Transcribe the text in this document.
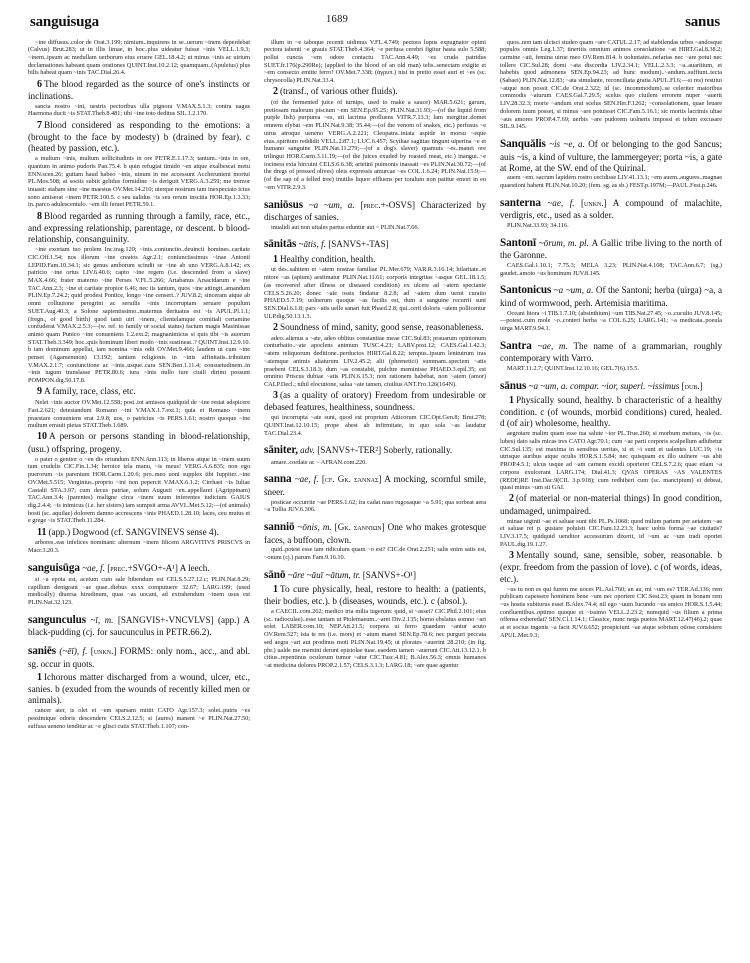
sanguisuga	1689	sanus

~ine diffusus..color de Orat.3.199; nimium..inquirens in se..uerum ~inem deperdebat (Calvus) Brut.283; ut in illis limae, in hoc..plus uideatur fuisse ~inis VELL.1.9.3; ~inem..ipsum ac medullam uerborum eius eruere GEL.18.4.2; ut minus ~inis ac uirium declamationes habeant quam orationes QUINT.Inst.10.2.12; quamquam..(Apuleius) plus bilis habeat quam ~inis TAC.Dial.26.4.

6 The blood regarded as the source of one's instincts or inclinations.

sancta nostro ~ini, uestris pectoribus ulla pignora V.MAX.5.1.3; contra uagus Haemona ducit ~is STAT.Theb.8.481; tibi ~ine toto deditus SIL.1.2.170.

7 Blood considered as responding to the emotions: a (brought to the face by modesty) b (drained by fear). c (heated by passion, etc.).

a multum ~inis, multum sollicitudinis in ore PETR.E.1.17.3; tantum..~inis in ore, quantum in animo pudoris Pan.75.4. b quin refugiat timido ~en atque exalbescat metu ENN.scen.26; guttam haud habeo ~inis, uinum in me accessunt Accherunteni mortui PL.Mos.508; at sociis subiit gelidus formidine ~is deriguit VERG.A.3.259; me tremor inuasit: stabam sine ~ine maestus OV.Met.14.210; uterque nostrum tam inexpectato ictus sono amiserat ~inem PETR.100.5. c seu ualidus ~is seu rerum inscitia HOR.Ep.1.3.33; in..parco adulescentulo. ~em illi feruet PETR.59.1.

8 Blood regarded as running through a family, race, etc., and expressing relationship, parentage, or descent. b blood-relationship, consanguinity.

~ine exortam tuo prolem Inc.trag.120; ~inis..coniunctio..deuincit homines..caritate CIC.Off.1.54; nos illorum ~ine creatos Agr.2.1; coniunctissimus ~inae Antonii LEPID.Fam.10.34.1; sic genus amborum scindit se ~ine ab uno VERG.A.8.142; ex patricio ~ine ortus LIV.6.40.6; capto ~ine regem (i.e. descended from a slave) MAX.4.66; frater materno ~ine Perses V.FL.5.266; Artabanus Arsacidarum e ~ine TAC.Ann.2.3; ~ine et caritate propior 6.46; nec iis tantum, quos ~ine attingit..amandum PLIN.Ep.7.24.2; quid prodest Pontice, longo ~ine censeri..? JUV.8.2; sinceram atque ab omni colluuione peregrini ac seruilis ~inis incorruptam seruare populum SUET.Aug.40.3; a Solone sapientissimo..maternus deriuatus est ~is APUL.Pl.1.1; (fregn., of good birth) quod tanti uiri ~inem, clientelamque comitiali certamine confuderat V.MAX.2.5.3;—(w. ref. to family or social status) factum magis Masinissae animo quam Punico ~ine conueniens 1.2.ext.2; magnanimicus si quis tibi ~is auorum STAT.Theb.3.349; hoc..quis hominum liberi modo ~inis sustineat..? QUINT.Inst.12.9.10. b iam dominum appellat, iam nomina ~inis odit OV.Met.9.466; laudem ut cum ~ine penset (Agamemnon) 13.192; tantum religionis in ~inis affinitatis..tributum V.MAX.2.1.7; coniunctione ac ~inis..usque..cara SEN.Ben.1.11.4; consuetudinem..in ~inis iugum translasse PETR.80.6; iura ~inis nullo iure ciuili dirimi possunt POMPON.dig.50.17.8.

9 A family, race, class, etc.

Nelei ~inis auctor OV.Met.12.558; post..tot amissos quidquid de ~ine restat adspicere Fast.2.621; detestandum Romano ~ini V.MAX.1.7.ext.1; quia et Romano ~inem praestare conueniens erat 2.9.8; uos, o patricius ~is PERS.1.61; nostro quoque ~ine multum errauit pietas STAT.Theb.1.689.

10 A person or persons standing in blood-relationship, (usu.) offspring, progeny.

o pater o genitor o ~en dis oriundum ENN.Ann.113; in liberos atque in ~inem suum tam crudelis CIC.Fin.1.34; heroice tela manu, ~is meus! VERG.A.6.835; non ego puerorum ~is parentum HOR.Carm.1.20.6; pro..meo uoni supplex tibi Iuppiter..~ine OV.Met.5.515; Verginius..proprio ~ini non pepercit V.MAX.6.1.2; Cirrhaei ~is Iuliae Castalii STA.3.97; cum decus patriae, solum Augusti ~en..appellaret (Agrippinam) TAC.Ann.3.4; (parentes) maligne circa ~inem suum inferentes iudicium GAIUS dig.2.4.4; ~is inimicus (i.e. her sisters) iam sumpsit arma AVVL.Met.5.12;—(of animals) hosti (sc. aquilae) dolorem damno accrescens ~inis PHAED.1.28.10; laces, ceu mutus et e grege ~is STAT.Theb.11.284.

11 (app.) Dogwood (cf. SANGVINEVS sense 4).

arbores..eas infelices nominant: alternum ~inem filicem ARGVITIVS PRISCVS in Macr.3.20.3.

sanguisūga ~ae, f. [prec.+SVGO+-A¹] A leech.

si ~a epota est, acetum cum sale bibendum est CELS.5.27.12.c; PLIN.Nat.8.29; capillum denigrant ~ae quae..diebus xxxx computuere 32.67; LARG.199; (used medically) diuersa hirudinum, quas ~as uocant, ad extrahendum ~inem usus est PLIN.Nat.32.123.

sangunculus ~ī, m. [SANGVIS+-VNCVLVS] (app.) A black-pudding (cj. for saucunculus in PETR.66.2).

saniēs (~ēī), f. [unkn.] FORMS: only nom., acc., and abl. sg. occur in quots.

1 Ichorous matter discharged from a wound, ulcer, etc., sanies. b (exuded from the wounds of recently killed men or animals).

cancer ater, is olet et ~em sparsam mittit CATO Agr.157.3; solet..putris ~es pessimique odoris descendere CELS.2.12.5; si (aures) manent ~e PLIN.Nat.27.50; suffusa ueneno tenditur ac ~e glisci cutis STAT.Theb.1.107; con-

illum in ~e taboque recenti uidimus V.FL.4.749; pectora lupus expugnator opimi pectora tabenti ~e grauis STAT.Theb.4.364; ~e perfusa cerebri figitur hasta sulo 5.588; pollui cuncta ~em odore contactu TAC.Ann.4.49; ~es cruda patridus SUET.fr.176(p.290Re); (applied to the blood of an old man) telis..senectam exigite et ~em consecto emitte ferro! OV.Met.7.338; (ἀγρυπ.) nisi in pretio esset auri et ~es (sc. chrysocolla) PLIN.Nat.33.4.

2 (transf., of various other fluids).

(of the fermented juice of turnips, used to make a sauce) MAR.5.621; garum, pretiosam malorum piscium ~em SEN.Ep.95.25; PLIN.Nat.31.93;—(of the liquid from purple fish) purpurea ~es, uti lacrima profluens VITR.7.13.3; lam mergitur..domet omnem elybat ~em PLIN.Nat.9.38; 35.44;—(of the venom of snakes, etc.) perfusus ~e uirus atroque ueneno VERG.A.2.221; Cleopatra..iniata aspide in morsu ~eque eius..spiritum reddidit VELL.2.87.1; LUC.6.457; Scythae sagittas tingunt uiperina ~e et humano sanguine PLIN.Nat.11.279;—(of a dog's slaver) quamuis ~es..manet ore trilingui HOR.Carm.3.11.19;—(of the juices exuded by roasted meat, etc.) inangui..~e iocinera exta hircuini CELS.6.6.38; arietini puimonis inassati ~es PLIN.Nat.30.72;—(of the dregs of pressed olives) oleis expressis amurcae ~es COL.1.6.24; PLIN.Nat.15.9;—(of the sap of a felled tree) inutilis liquor effluens per toralum non patitur emori in eo ~em VITR.2.9.3.

saniōsus ~a ~um, a. [prec.+-OSVS] Characterized by discharges of sanies.

inualidi aut non uitales partus eduntur aut ~ PLIN.Nat.7.66.

sānitās ~ātis, f. [SANVS+-TAS]

1 Healthy condition, health.

ut des..sahitem et ~atem nostrae familiae PL.Mer.679; VAR.R.3.16.14; hilaritate..et nitore ~as (apium) aestimatur PLIN.Nat.11.61; corporis integritas ~asque GEL.18.1.5; (as recovered after illness or diseased condition) ex ulcere ad ~atem spectante CELS.5.26.20; donec ~ate ossis findatur 8.2.8; ad ~atem dum uenit curatio PHAED.5.7.19; uolnerum quoque ~as facilis est, dum a sanguine recurrit sunt SEN.Dial.6.1.8; pars ~atis uelle sanari fuit Phaed.2.8; qui..certi doloris ~atem pollicentur ULP.dig.50.13.1.3.

2 Soundness of mind, sanity, good sense, reasonableness.

adeo..alienus a ~ate, adeo oblitus constantiae meae CIC.Sul.83; prauarum opinionum conturbatio..~ate apoclens animum TUSC.4.23; LABV.post.12; CAES.Gal.1.42.3; ~atem reliquorum deditione..perductos HIRT.Gal.8.22; tempus..ipsum lenitutrum iras ~atemque animis aliaturum LIV.2.45.2; alii (phrenetici) summam..speciem ~atis praebent CELS.3.18.3; dum ~as constabit, pulchre meminisse PHAED.3.epil.35; est omnino Priscus dubiae ~atis PLIN.6.15.3; non rationem habebat, non ~atem (amor) CALP.Decl.; nihil elocutione, salua ~ate tamen, ciuilius ANT.Fro.126(164N).

3 (as a quality of oratory) Freedom from undesirable or debased features, healthiness, soundness.

qui incorrupta ~ate sunt, quod est proprium Atticorum CIC.Opt.Gen.8; Brut.278; QUINT.Inst.12.10.15; prope abest ab infirmitate, in quo sola ~as laudatur TAC.Dial.23.4.

sāniter, adv. [SANVS+-TER²] Soberly, rationally.

amare..cordate ac ~ AFRAN.com.220.

sanna ~ae, f. [cf. Gk. σάννας] A mocking, scornful smile, sneer.

posticae occurrite ~ae PERS.1.62; ira cadat naso rugosaque ~a 5.91; qua sorbeat aera ~a Tullia JUV.6.306.

sanniō ~ōnis, m. [Gk. σαννίων] One who makes grotesque faces, a buffoon, clown.

quid..potest esse tam ridiculum quam ~o est? CIC.de Orat.2.251; salis enim satis est, ~onum (cj.) parum Fam.9.16.10.

sānō ~āre ~āuī ~ātum, tr. [SANVS+-O¹]

1 To cure physically, heal, restore to health: a (patients, their bodies, etc.). b (diseases, wounds, etc.). c (absol.).

a CAECIL.com.262; medico tria milia iugerum: quid, si ~asset? CIC.Phil.2.101; eius (sc. radioculae)..esse tantam ut Ptolemaeum..~aret Div.2.135; homo ebslatus somno ~ari solet LABER.com.10; NEP.Att.21.5; corpora ui ferro quaedam ~antur acuto OV.Rem.527; ista te res (i.e. mors) et ~atum manet SEN.Ep.78.6; nec purguri peccata sed aegra ~ari aut prodinus moti PLIN.Nat.19.45; ut plorates ~auerint 28.210; (in fig. phr.) ualde me memini derunt epistolae tuae..eaedem tamen ~auerunt CIC.Att.13.12.1. b citius..repentinus oculorum tumor ~atur CIC.Tusc.4.81; B.Alex.56.3; omnis humanos ~at medicina dolores PROP.2.1.57; CELS.3.1.3; LARG.18; ~are quae aguntur

quos..non tam ulcisci studeo quam ~are CATUL.2.17; ad stabilendas urbes ~andosque populos omnis Leg.1.37; tineritis omnium animos consolatione ~at HIRT.Gal.8.38.2; carmine ~ati, femina uirue meo OV.Rem.814. b uoluntates..nefarias nec ~are potui nec tollere CIC.Sul.28; domi ~ata discordia LIV.2.34.1; VELL.2.3.3; ~a..auaritium, et habebis quod admonens SEN.Ep.94.23; ad hunc modum)..~andum..suffiunt..tecta (Sabaei) PLIN.Nat.12.83; ~ata simulante, reconciliata gratia APUL.Fl.6;—si res) restitui ~atque non possit CIC.de Orat.2.322; id (sc. incommodum)..se celeriter maioribus commodis ~aturum CAES.Gal.7.29.5; scelus quo ciuilem errorem nuper ~auerit LIV.28.32.3; morte ~andum erat scelus SEN.Her.F.1262; ~consolationem, quae leuare dolorem tuum posset, si minus ~are potuisset CIC.Fam.5.16.1; sic mortis lacrimis ultae ~aus amores PROP.4.7.69; uerbis ~are pudorem uolneris impossi et telum excusare SIL.9.145.

Sanquālis ~is ~e, a. Of or belonging to the god Sancus; auis ~is, a kind of vulture, the lammergeyer; porta ~is, a gate at Rome, at the SW. end of the Quirinal.

auem ~em. sacrum lapidem rostro cecidisse LIV.41.13.1; ~em auem..augures..magnae quaestioni habent PLIN.Nat.10.20; (fem. sg. as sb.) FEST.p.197M;—PAUL.Fest.p.246.

santerna ~ae, f. [unkn.] A compound of malachite, verdigris, etc., used as a solder.

PLIN.Nat.33.93; 34.116.

Santonī ~ōrum, m. pl. A Gallic tribe living to the north of the Garonne.

CAES.Gal.1.10.1; 7.75.3; MELA 3.23; PLIN.Nat.4.108; TAC.Ann.6.7; (sg.) gaudet..amoto ~us hominum JUV.8.145.

Santonicus ~a ~um, a. Of the Santoni; herba (uirga) ~a, a kind of wormwood, perh. Artemisia maritima.

Oceani litora ~i TIB.1.7.10; (absinthium) ~um TIB.Nat.27.45; ~o..cuculio JUV.8.145;—potest..cum mole ~o..conteri herba ~a COL.6.25; LARG.141; ~a medicata..poeula uirga MART.9.94.1.

Santra ~ae, m. The name of a grammarian, roughly contemporary with Varro.

MART.11.2.7; QUINT.Inst.12.10.16; GEL.7(6).15.5.

sānus ~a ~um, a. compar. ~ior, superl. ~issimus [dub.]

1 Physically sound, healthy. b characteristic of a healthy condition. c (of wounds, morbid conditions) cured, healed. d (of air) wholesome, healthy.

aegrotare malim quam esse tua salute ~ior PL.True.260; si morbum metues, ~is (sc. lubes) dato salis micas tres CATO Agr.70.1; cum ~ae parti corporis scalpellum adhibetur CIC.Sul.135; est maxima in sensibus ueritas, si et ~i sunt et ualentes LUC.19; ~is utrisque auribus atque oculis HOR.S.1.5.84; nec quisquam ex illo uulnere ~us abit PROP.4.5.1; ulcus usque ad ~am carnem excidi oporteret CELS.7.2.6; quae etiam ~a corpora exulcerant LARG.174; Dial.41.3; QVAS OPERAS ~AS VALENTES (REDE)RE Inst.Dac.9(CIL 3.p.918); cum redhiberi cum (sc. mancipium) ei debeat, quasi minus ~um sit GAI.

2 (of material or non-material things) In good condition, undamaged, unimpaired.

minae uiginti ~ae et saluae sunt tibi PL.Ps.1068; quod milum partem per aetatem ~ae et saluae rei p. gustare poluisti CIC.Fam.12.23.3; haec uobis forma ~ae ciuitatis? LIV.3.17.5; quidquid uenditor accessurum dixerit, id ~um ac ~um tradi oportet PAUL.dig.19.1.27.

3 Mentally sound, sane, sensible, sober, reasonable. b (expr. freedom from the passion of love). c (of words, ideas, etc.).

~us tu non es qui furem me uoces PL.Asl.760; an au, mi ~um es? TER.Ad.336; rem publicam capessere hominem bene ~um nec oportere CIC.Sest.23; quam in bonam rem ~us hostis subiturus esset B.Alex.74.4; nil ego ~uum Iucundo ~us amico HOR.S.1.5.44; confluentibus..optimo quoque et ~issimo VELL.2.23.2; numquid ~us filium a prima offensa exheredat? SEN.Cl.1.14.1; Classice, nunc nega puetos MART.12.47(46).2; quae at et socius ingenis ~a facit JUV.6.652; prospiciunt ~ae atque sobrium otiose consistere APUL.Met.9.3;
